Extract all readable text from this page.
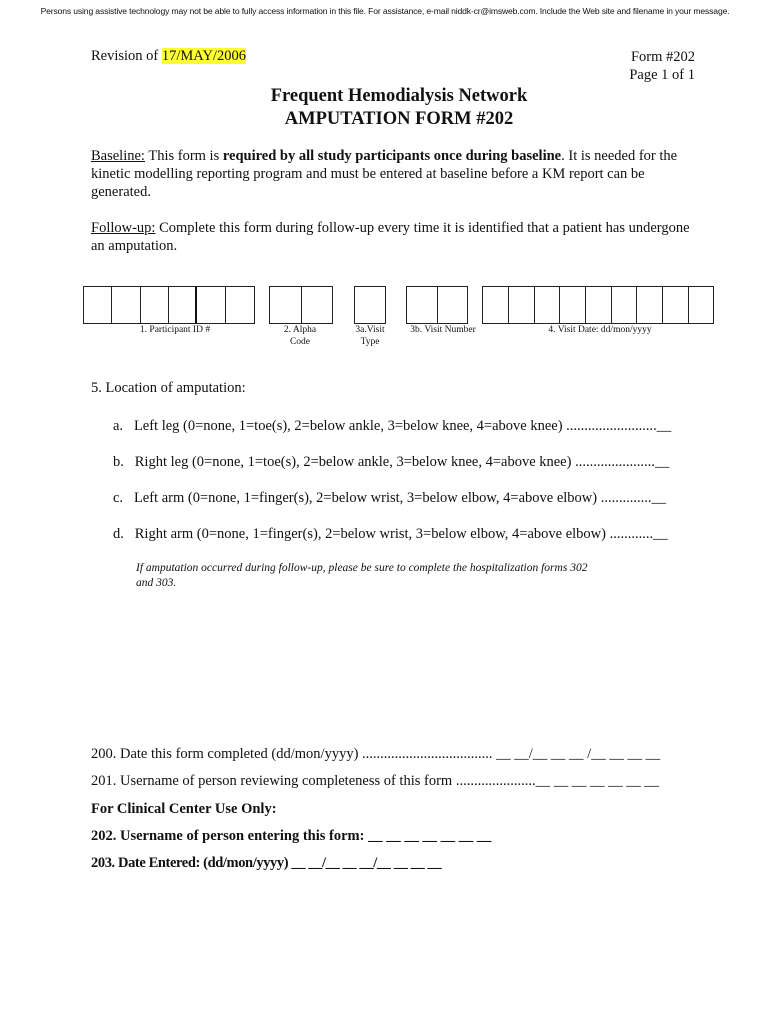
Persons using assistive technology may not be able to fully access information in this file. For assistance, e-mail niddk-cr@imsweb.com. Include the Web site and filename in your message.
Revision of 17/MAY/2006	Form #202
Page 1 of 1
Frequent Hemodialysis Network
AMPUTATION FORM #202
Baseline: This form is required by all study participants once during baseline. It is needed for the kinetic modelling reporting program and must be entered at baseline before a KM report can be generated.
Follow-up: Complete this form during follow-up every time it is identified that a patient has undergone an amputation.
1. Participant ID #	2. Alpha
Code
3a.Visit
Type
3b. Visit Number	4. Visit Date: dd/mon/yyyy
5. Location of amputation:
a. Left leg (0=none, 1=toe(s), 2=below ankle, 3=below knee, 4=above knee) .........................__
b. Right leg (0=none, 1=toe(s), 2=below ankle, 3=below knee, 4=above knee) ......................__
c. Left arm (0=none, 1=finger(s), 2=below wrist, 3=below elbow, 4=above elbow) ..............__
d. Right arm (0=none, 1=finger(s), 2=below wrist, 3=below elbow, 4=above elbow) ............__
If amputation occurred during follow-up, please be sure to complete the hospitalization forms 302 and 303.
200. Date this form completed (dd/mon/yyyy) .................................... __ __/__ __ __ /__ __ __ __
201. Username of person reviewing completeness of this form ......................__ __ __ __ __ __ __
For Clinical Center Use Only:
202. Username of person entering this form: __ __ __ __ __ __ __
203. Date Entered: (dd/mon/yyyy) __ __/__ __ __/__ __ __ __
